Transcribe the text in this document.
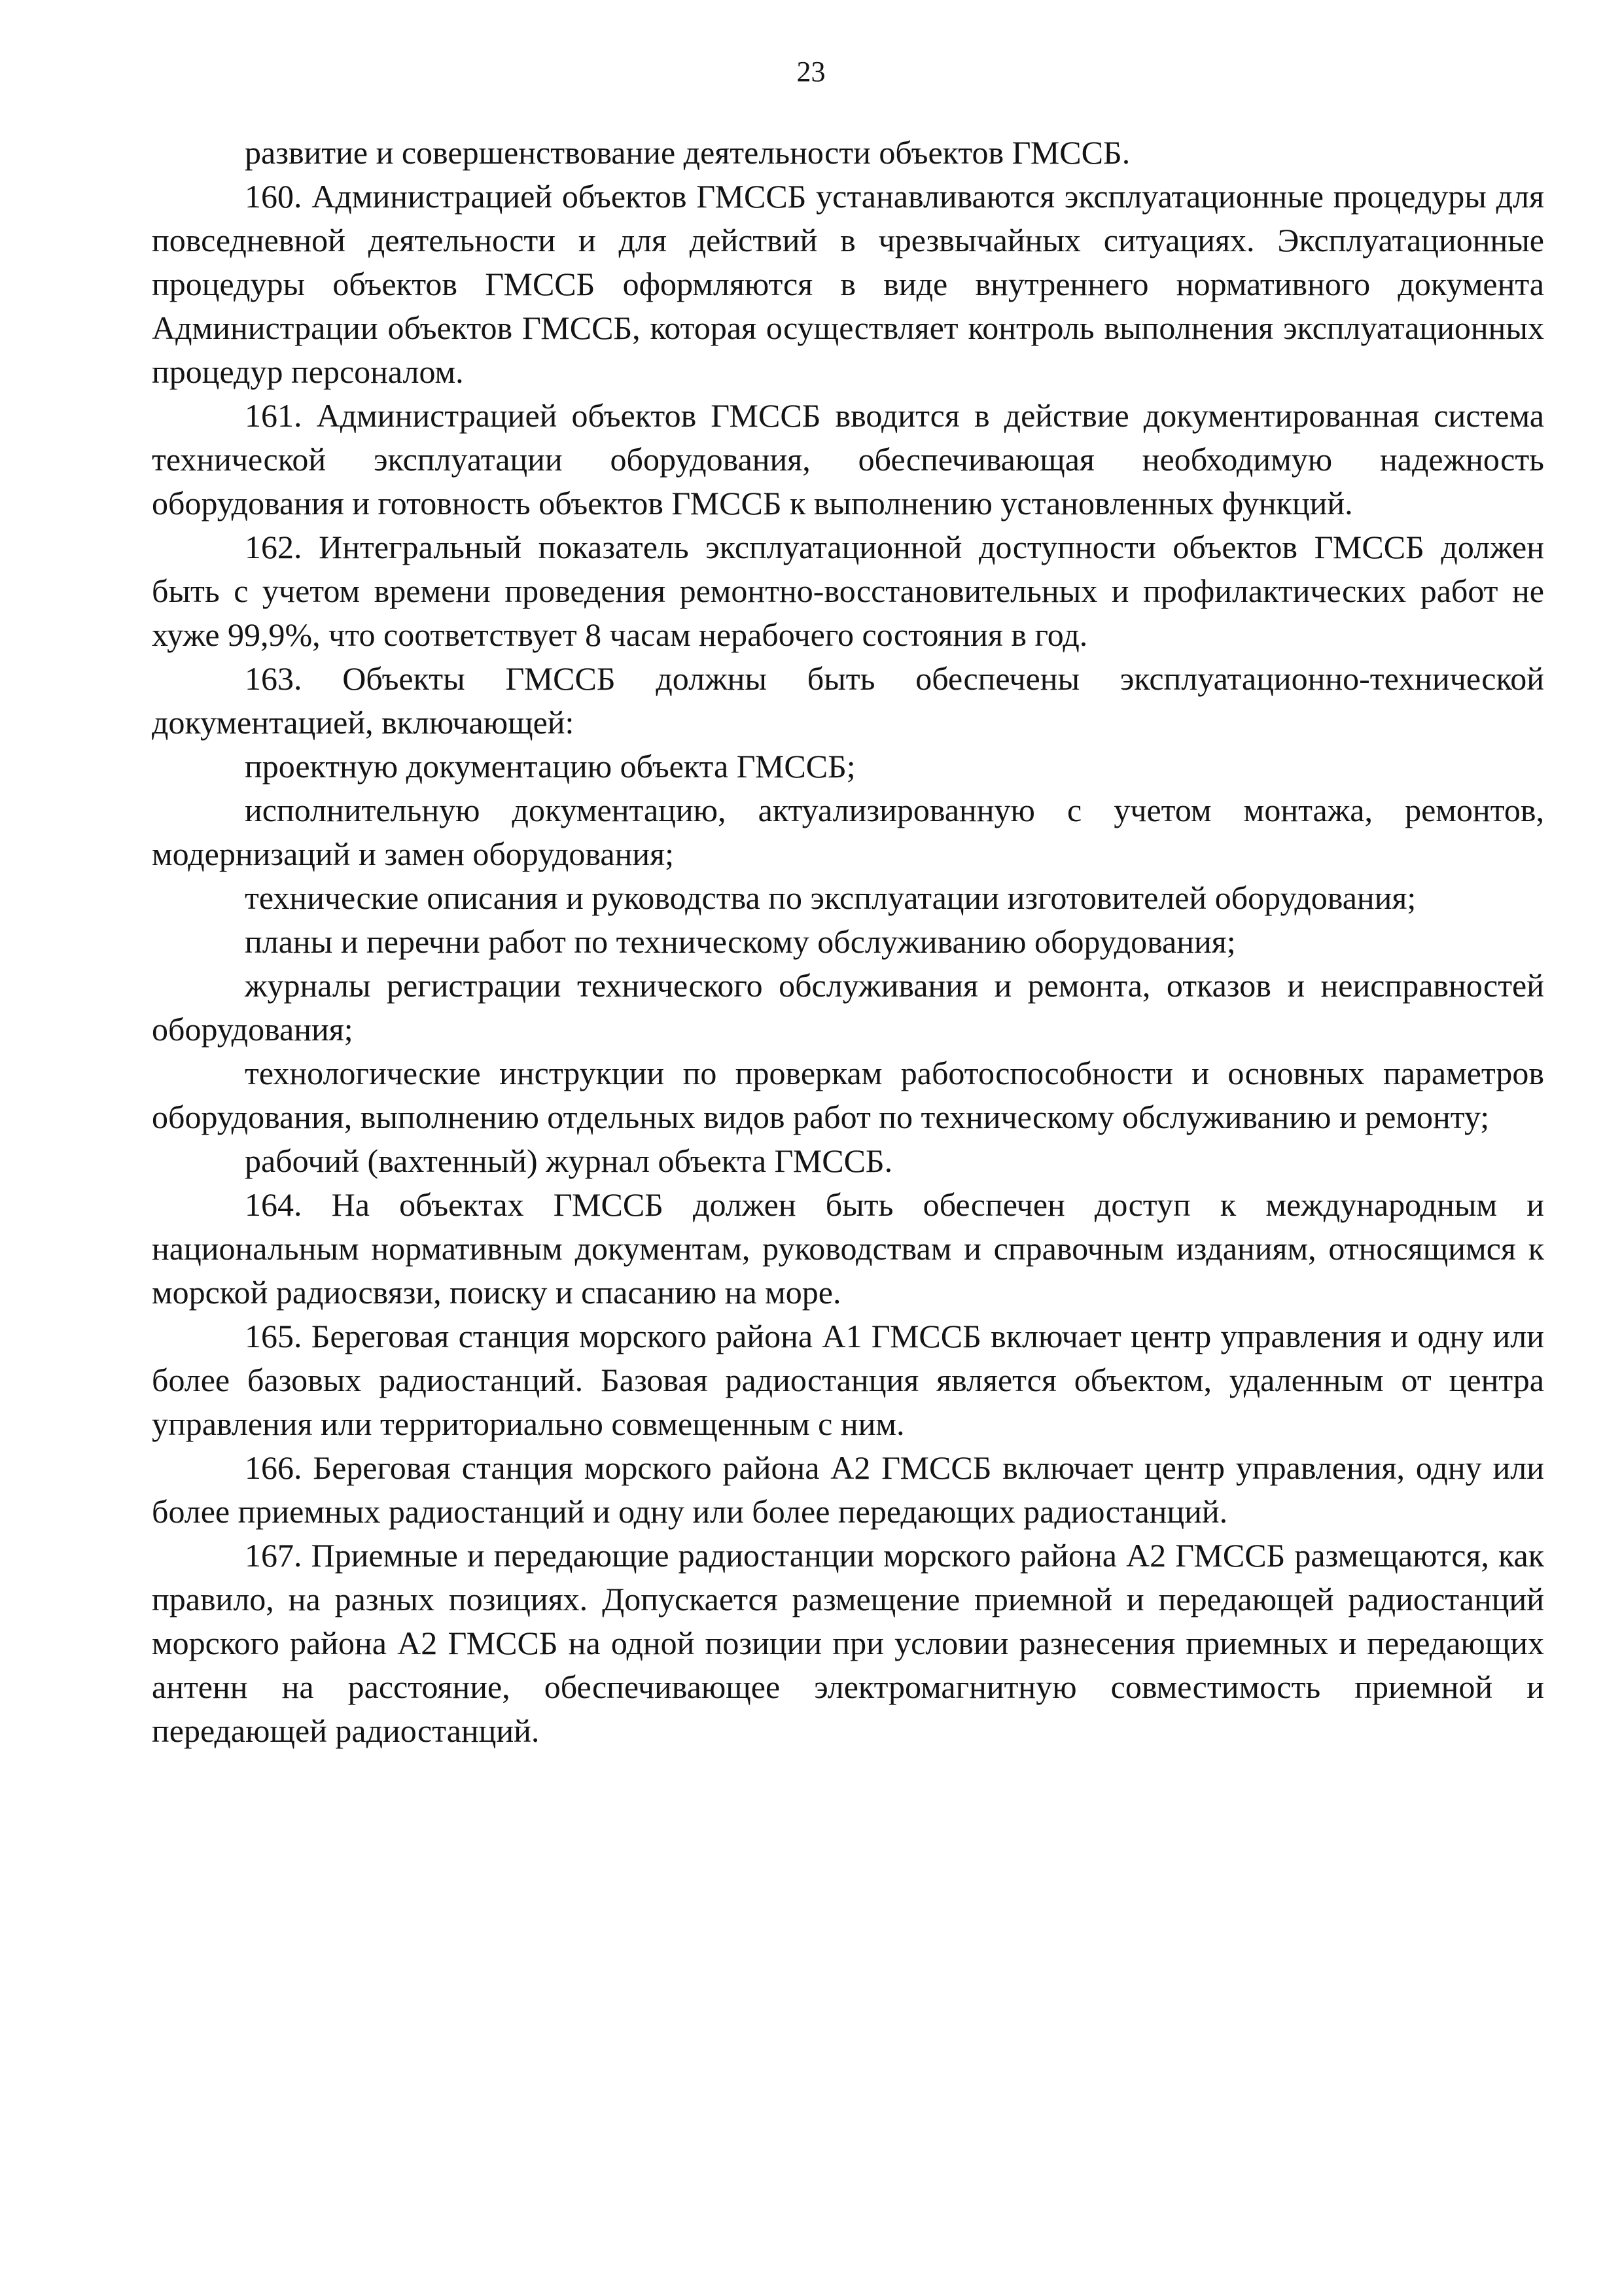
23

развитие и совершенствование деятельности объектов ГМССБ.

160. Администрацией объектов ГМССБ устанавливаются эксплуатационные процедуры для повседневной деятельности и для действий в чрезвычайных ситуациях. Эксплуатационные процедуры объектов ГМССБ оформляются в виде внутреннего нормативного документа Администрации объектов ГМССБ, которая осуществляет контроль выполнения эксплуатационных процедур персоналом.

161. Администрацией объектов ГМССБ вводится в действие документированная система технической эксплуатации оборудования, обеспечивающая необходимую надежность оборудования и готовность объектов ГМССБ к выполнению установленных функций.

162. Интегральный показатель эксплуатационной доступности объектов ГМССБ должен быть с учетом времени проведения ремонтно-восстановительных и профилактических работ не хуже 99,9%, что соответствует 8 часам нерабочего состояния в год.

163. Объекты ГМССБ должны быть обеспечены эксплуатационно-технической документацией, включающей:

проектную документацию объекта ГМССБ;

исполнительную документацию, актуализированную с учетом монтажа, ремонтов, модернизаций и замен оборудования;

технические описания и руководства по эксплуатации изготовителей оборудования;

планы и перечни работ по техническому обслуживанию оборудования;

журналы регистрации технического обслуживания и ремонта, отказов и неисправностей оборудования;

технологические инструкции по проверкам работоспособности и основных параметров оборудования, выполнению отдельных видов работ по техническому обслуживанию и ремонту;

рабочий (вахтенный) журнал объекта ГМССБ.

164. На объектах ГМССБ должен быть обеспечен доступ к международным и национальным нормативным документам, руководствам и справочным изданиям, относящимся к морской радиосвязи, поиску и спасанию на море.

165. Береговая станция морского района A1 ГМССБ включает центр управления и одну или более базовых радиостанций. Базовая радиостанция является объектом, удаленным от центра управления или территориально совмещенным с ним.

166. Береговая станция морского района A2 ГМССБ включает центр управления, одну или более приемных радиостанций и одну или более передающих радиостанций.

167. Приемные и передающие радиостанции морского района A2 ГМССБ размещаются, как правило, на разных позициях. Допускается размещение приемной и передающей радиостанций морского района A2 ГМССБ на одной позиции при условии разнесения приемных и передающих антенн на расстояние, обеспечивающее электромагнитную совместимость приемной и передающей радиостанций.
